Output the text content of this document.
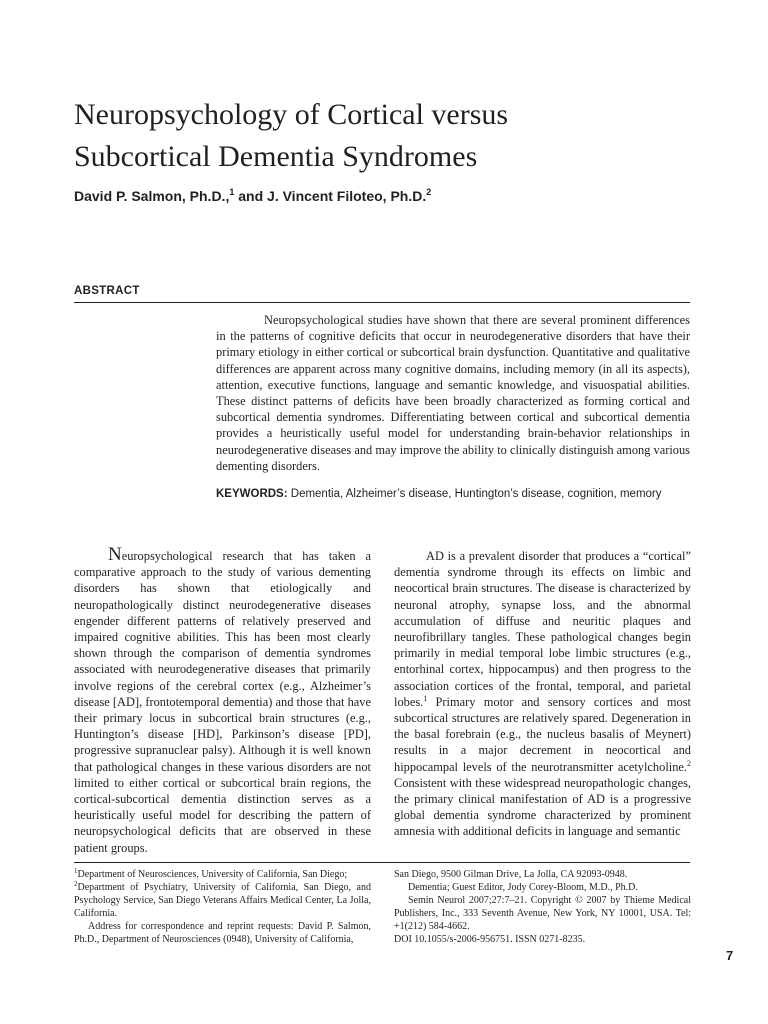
Neuropsychology of Cortical versus
Subcortical Dementia Syndromes
David P. Salmon, Ph.D.,$^1$ and J. Vincent Filoteo, Ph.D.$^2$
ABSTRACT
Neuropsychological studies have shown that there are several prominent differences in the patterns of cognitive deficits that occur in neurodegenerative disorders that have their primary etiology in either cortical or subcortical brain dysfunction. Quantitative and qualitative differences are apparent across many cognitive domains, including memory (in all its aspects), attention, executive functions, language and semantic knowledge, and visuospatial abilities. These distinct patterns of deficits have been broadly characterized as forming cortical and subcortical dementia syndromes. Differentiating between cortical and subcortical dementia provides a heuristically useful model for understanding brain-behavior relationships in neurodegenerative diseases and may improve the ability to clinically distinguish among various dementing disorders.
KEYWORDS: Dementia, Alzheimer’s disease, Huntington’s disease, cognition, memory

Neuropsychological research that has taken a comparative approach to the study of various dementing disorders has shown that etiologically and neuropathologically distinct neurodegenerative diseases engender different patterns of relatively preserved and impaired cognitive abilities. This has been most clearly shown through the comparison of dementia syndromes associated with neurodegenerative diseases that primarily involve regions of the cerebral cortex (e.g., Alzheimer’s disease [AD], frontotemporal dementia) and those that have their primary locus in subcortical brain structures (e.g., Huntington’s disease [HD], Parkinson’s disease [PD], progressive supranuclear palsy). Although it is well known that pathological changes in these various disorders are not limited to either cortical or subcortical brain regions, the cortical-subcortical dementia distinction serves as a heuristically useful model for describing the pattern of neuropsychological deficits that are observed in these patient groups.

AD is a prevalent disorder that produces a “cortical” dementia syndrome through its effects on limbic and neocortical brain structures. The disease is characterized by neuronal atrophy, synapse loss, and the abnormal accumulation of diffuse and neuritic plaques and neurofibrillary tangles. These pathological changes begin primarily in medial temporal lobe limbic structures (e.g., entorhinal cortex, hippocampus) and then progress to the association cortices of the frontal, temporal, and parietal lobes.$^1$ Primary motor and sensory cortices and most subcortical structures are relatively spared. Degeneration in the basal forebrain (e.g., the nucleus basalis of Meynert) results in a major decrement in neocortical and hippocampal levels of the neurotransmitter acetylcholine.$^2$ Consistent with these widespread neuropathologic changes, the primary clinical manifestation of AD is a progressive global dementia syndrome characterized by prominent amnesia with additional deficits in language and semantic

$^1$Department of Neurosciences, University of California, San Diego;

$^2$Department of Psychiatry, University of California, San Diego, and Psychology Service, San Diego Veterans Affairs Medical Center, La Jolla, California.

Address for correspondence and reprint requests: David P. Salmon, Ph.D., Department of Neurosciences (0948), University of California,

San Diego, 9500 Gilman Drive, La Jolla, CA 92093-0948.

Dementia; Guest Editor, Jody Corey-Bloom, M.D., Ph.D.

Semin Neurol 2007;27:7–21. Copyright © 2007 by Thieme Medical Publishers, Inc., 333 Seventh Avenue, New York, NY 10001, USA. Tel: +1(212) 584-4662.

DOI 10.1055/s-2006-956751. ISSN 0271-8235.

7
